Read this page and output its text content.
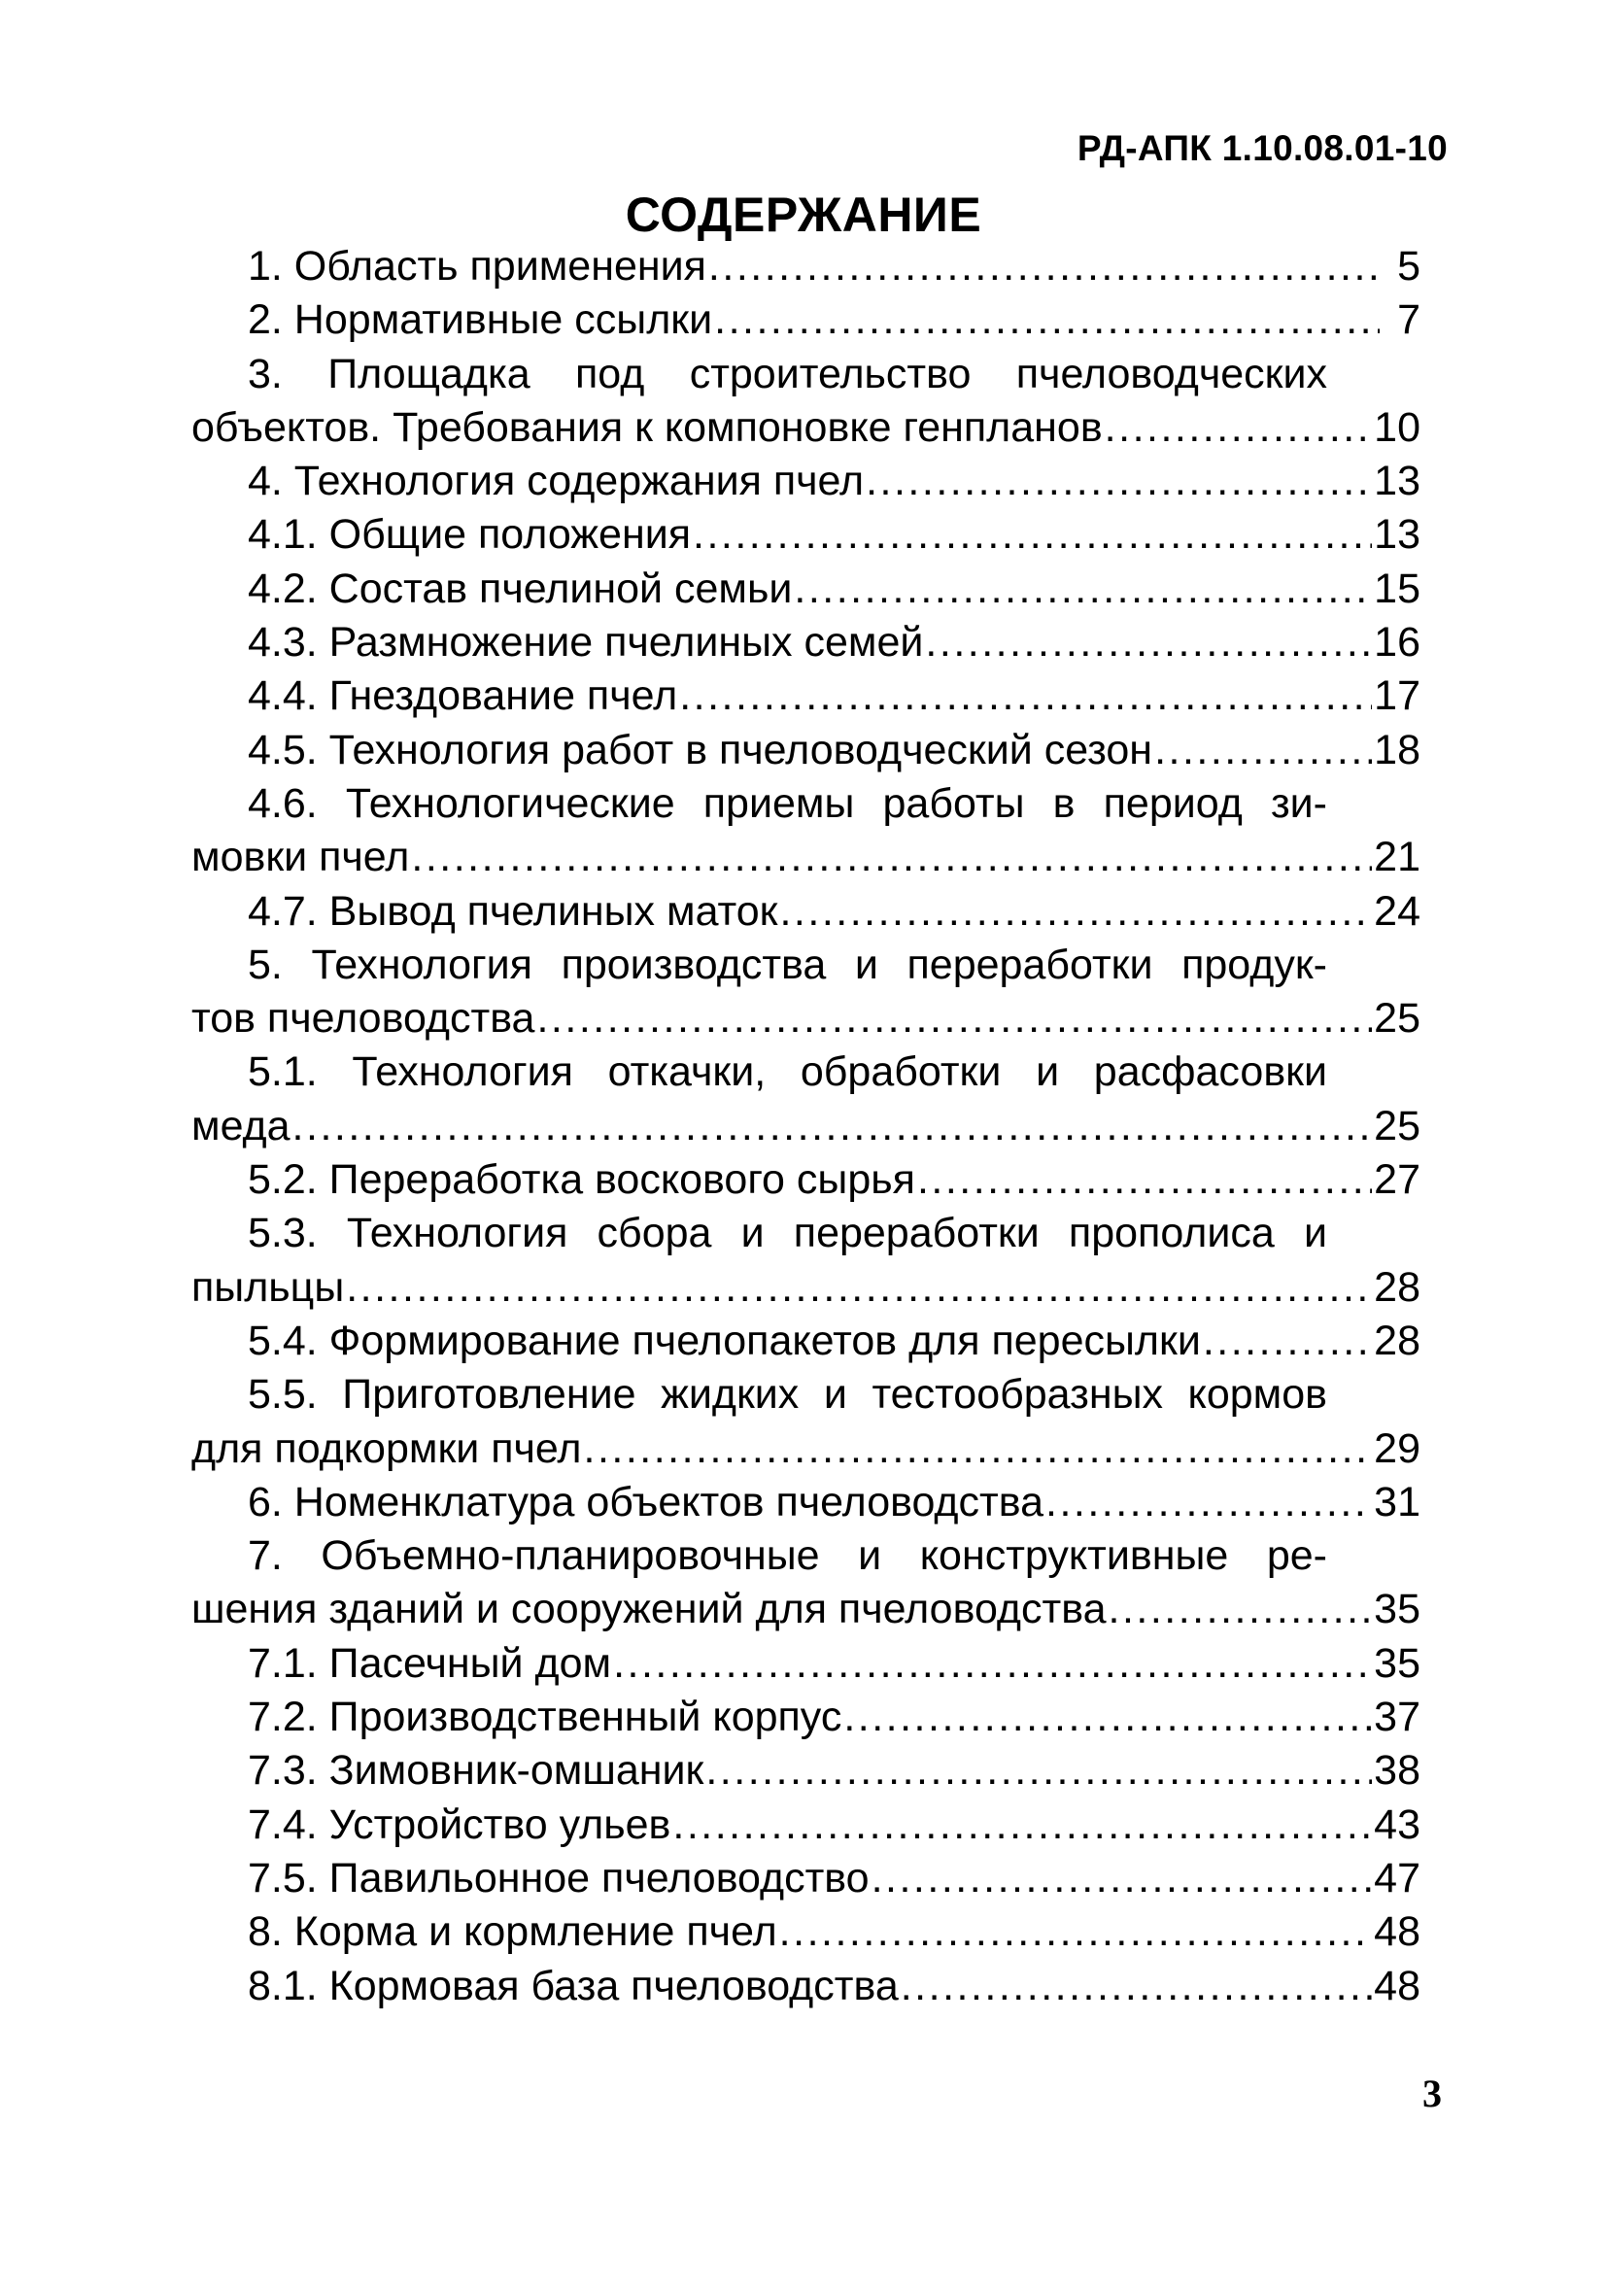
РД-АПК 1.10.08.01-10
СОДЕРЖАНИЕ
1. Область применения .....	5
2. Нормативные ссылки .....	7
3. Площадка под строительство пчеловодческих
объектов. Требования к компоновке генпланов .....	10
4. Технология содержания пчел .....	13
4.1. Общие положения .....	13
4.2. Состав пчелиной семьи .....	15
4.3. Размножение пчелиных семей .....	16
4.4. Гнездование пчел .....	17
4.5. Технология работ в пчеловодческий сезон .....	18
4.6. Технологические приемы работы в период зи-
мовки пчел .....	21
4.7. Вывод пчелиных маток .....	24
5. Технология производства и переработки продук-
тов пчеловодства .....	25
5.1. Технология откачки, обработки и расфасовки
меда .....	25
5.2. Переработка воскового сырья .....	27
5.3. Технология сбора и переработки прополиса и
пыльцы .....	28
5.4. Формирование пчелопакетов для пересылки .....	28
5.5. Приготовление жидких и тестообразных кормов
для подкормки пчел .....	29
6. Номенклатура объектов пчеловодства .....	31
7. Объемно-планировочные и конструктивные ре-
шения зданий и сооружений для пчеловодства .....	35
7.1. Пасечный дом .....	35
7.2. Производственный корпус .....	37
7.3. Зимовник-омшаник .....	38
7.4. Устройство ульев .....	43
7.5. Павильонное пчеловодство .....	47
8. Корма и кормление пчел .....	48
8.1. Кормовая база пчеловодства .....	48
3
